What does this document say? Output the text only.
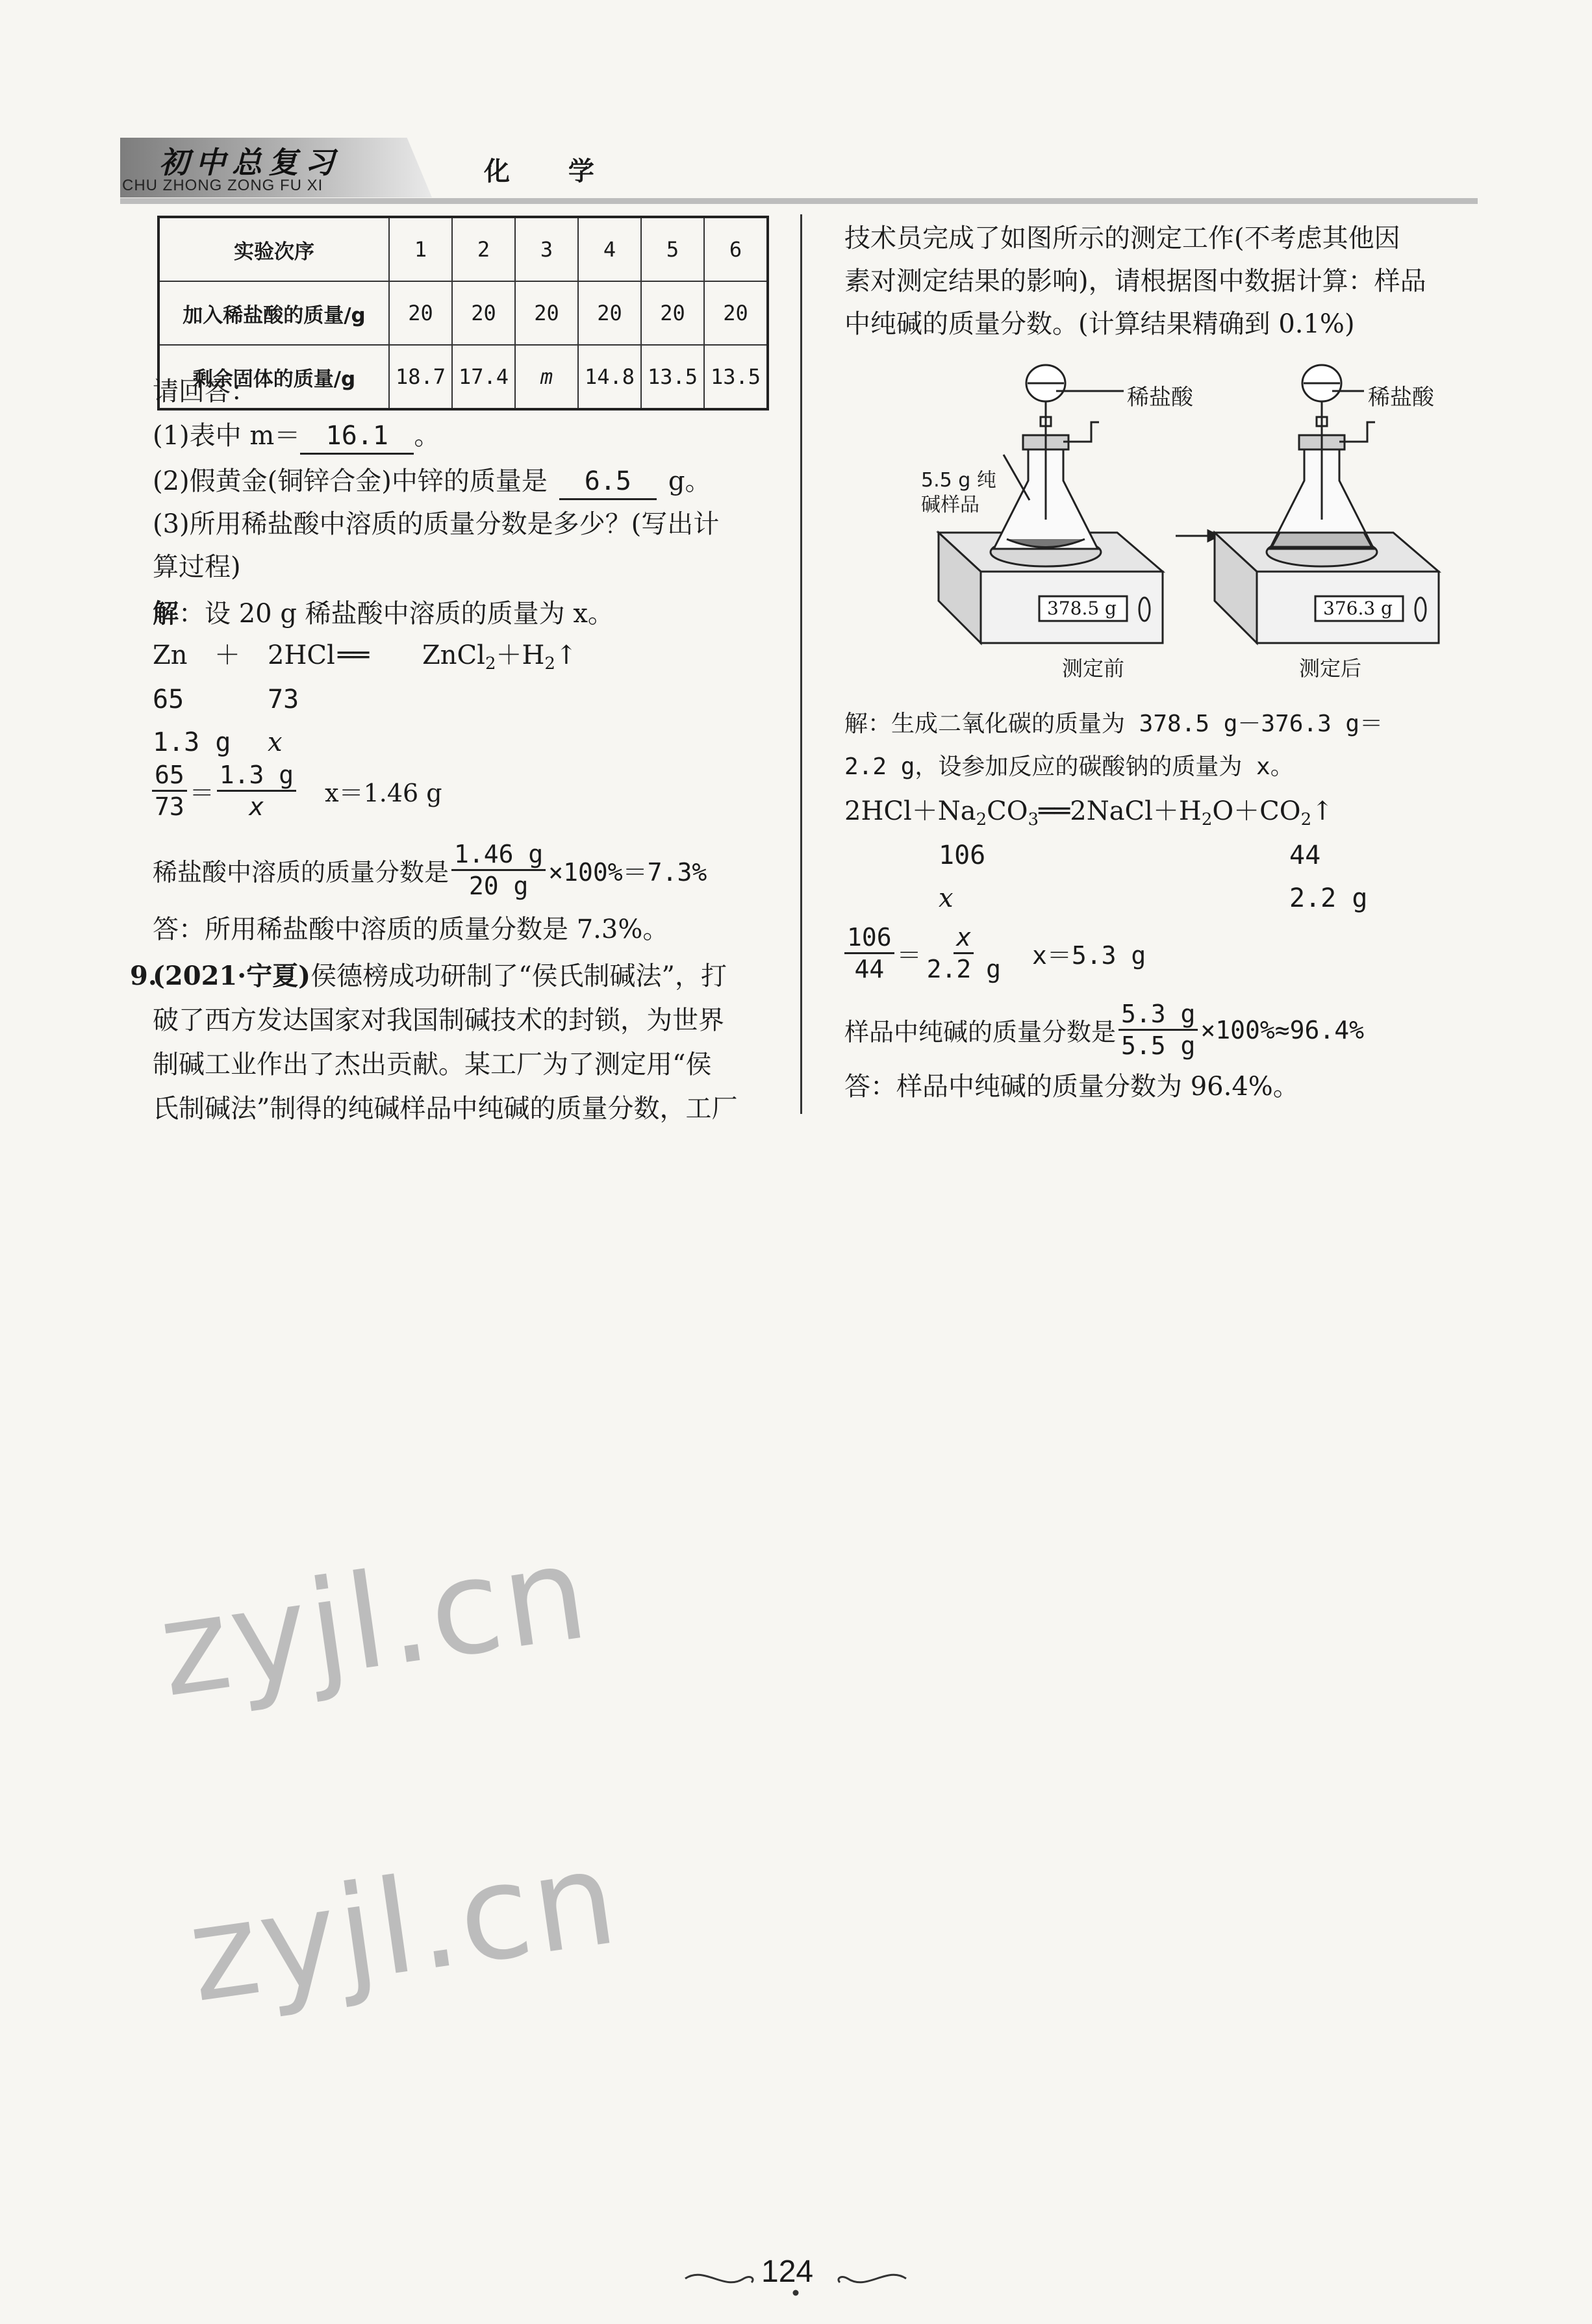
初中总复习
CHU ZHONG ZONG FU XI	化 学
实验次序	1	2	3	4	5	6
加入稀盐酸的质量/g	20	20	20	20	20	20
剩余固体的质量/g	18.7	17.4	m	14.8	13.5	13.5
请回答：
(1)表中 m＝ 16.1 。
(2)假黄金(铜锌合金)中锌的质量是 6.5 g。
(3)所用稀盐酸中溶质的质量分数是多少？(写出计
算过程)
解：设 20 g 稀盐酸中溶质的质量为 x。
Zn ＋ 2HCl ══ $ZnCl_2+H_2↑$
65	73
1.3 g x
$\frac{65}{73} = \frac{1.3 g}{x} x=1.46$ g
稀盐酸中溶质的质量分数是 $\frac{1.46 g}{20 g} \times 100\%=7.3\%$
答：所用稀盐酸中溶质的质量分数是 7.3%。
9.
(2021·宁夏)侯德榜成功研制了“侯氏制碱法”，打
破了西方发达国家对我国制碱技术的封锁，为世界
制碱工业作出了杰出贡献。某工厂为了测定用“侯
氏制碱法”制得的纯碱样品中纯碱的质量分数，工厂
技术员完成了如图所示的测定工作(不考虑其他因
素对测定结果的影响)，请根据图中数据计算：样品
中纯碱的质量分数。(计算结果精确到 0.1%)
稀盐酸	稀盐酸
5.5 g 纯
碱样品
378.5 g	376.3 g
测定前	测定后
解：生成二氧化碳的质量为 378.5 g－376.3 g＝
2.2 g，设参加反应的碳酸钠的质量为 x。
$2HCl+Na_2CO_3══2NaCl+H_2O+CO_2↑$
106	44
x	2.2 g
$\frac{106}{44} = \frac{x}{2.2 g} x=5.3$ g
样品中纯碱的质量分数是 $\frac{5.3 g}{5.5 g} \times 100\%\approx 96.4\%$
答：样品中纯碱的质量分数为 96.4%。
zyjl.cn
zyjl.cn
124
